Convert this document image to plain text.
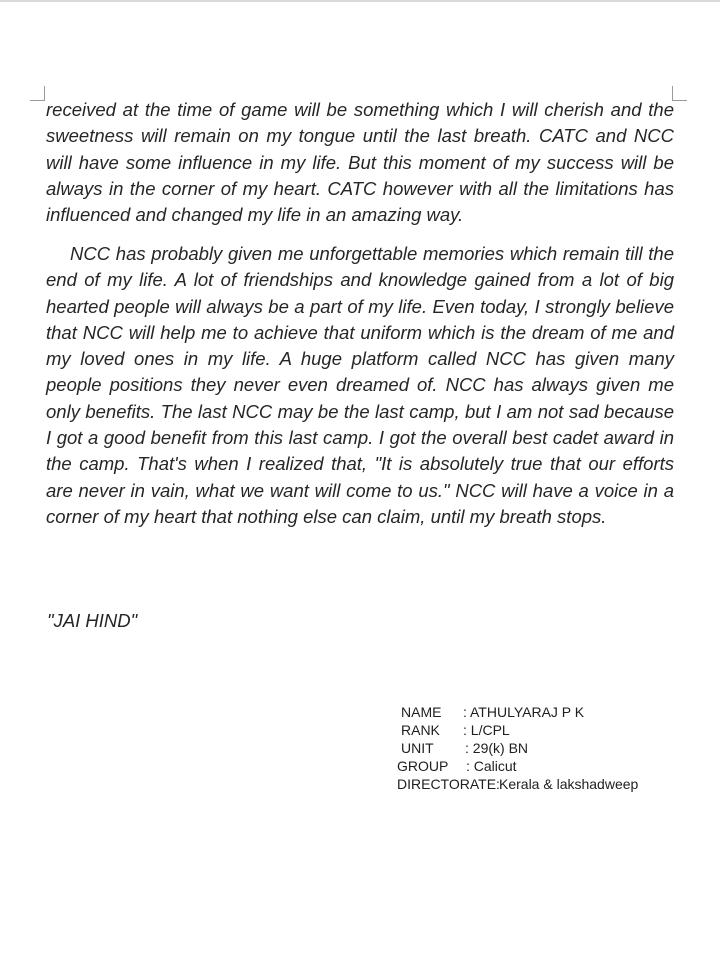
received at the time of game will be something which I will cherish and the sweetness will remain on my tongue until the last breath. CATC and NCC will have some influence in my life. But this moment of my success will be always in the corner of my heart. CATC however with all the limitations has influenced and changed my life in an amazing way.

NCC has probably given me unforgettable memories which remain till the end of my life. A lot of friendships and knowledge gained from a lot of big hearted people will always be a part of my life. Even today, I strongly believe that NCC will help me to achieve that uniform which is the dream of me and my loved ones in my life. A huge platform called NCC has given many people positions they never even dreamed of. NCC has always given me only benefits. The last NCC may be the last camp, but I am not sad because I got a good benefit from this last camp. I got the overall best cadet award in the camp. That's when I realized that, "It is absolutely true that our efforts are never in vain, what we want will come to us." NCC will have a voice in a corner of my heart that nothing else can claim, until my breath stops.

"JAI HIND"

NAME : ATHULYARAJ P K
RANK : L/CPL
UNIT : 29(k) BN
GROUP : Calicut
DIRECTORATE: Kerala & lakshadweep
